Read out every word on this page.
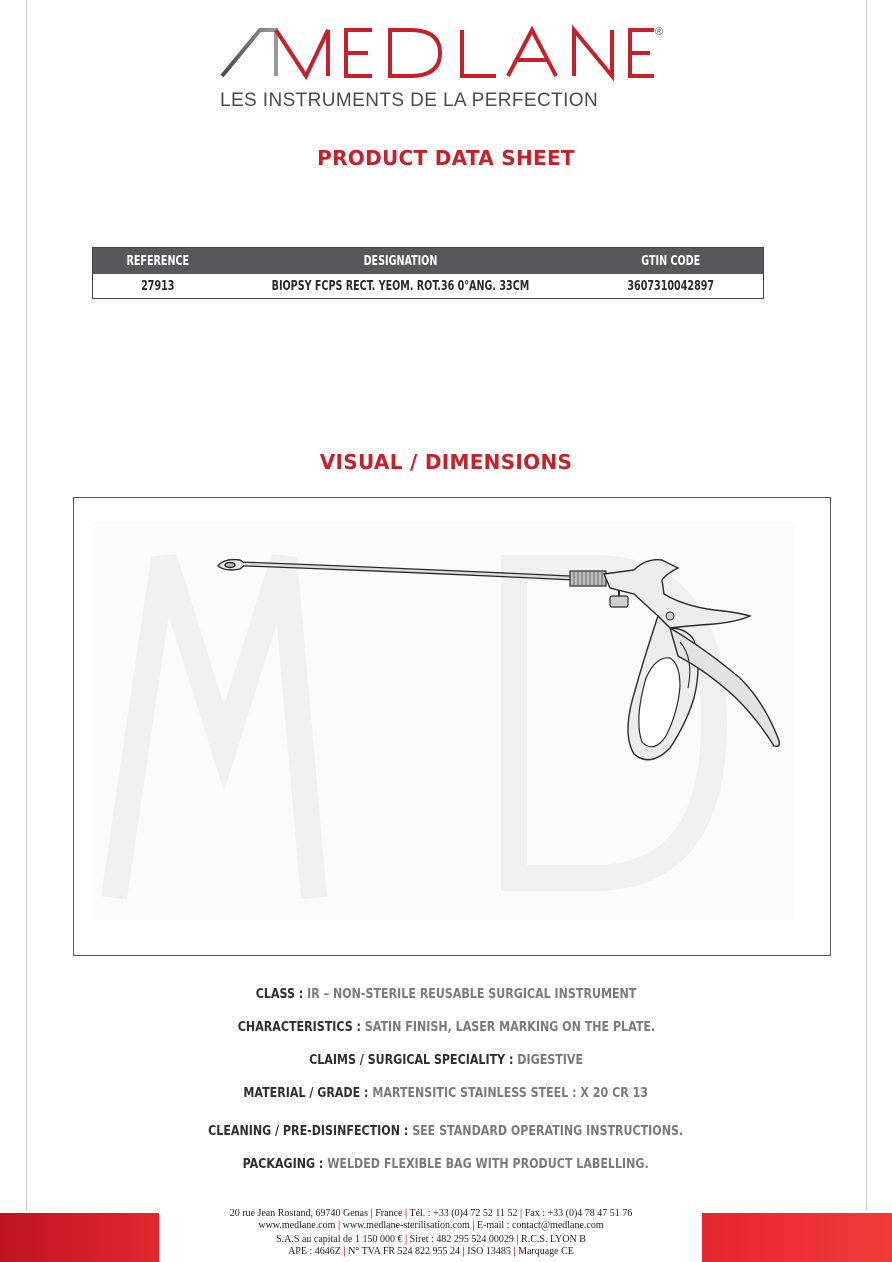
®
LES INSTRUMENTS DE LA PERFECTION
PRODUCT DATA SHEET
REFERENCE	DESIGNATION	GTIN CODE
27913	BIOPSY FCPS RECT. YEOM. ROT.36 0°ANG. 33CM	3607310042897
VISUAL / DIMENSIONS
CLASS : IR – NON-STERILE REUSABLE SURGICAL INSTRUMENT
CHARACTERISTICS : SATIN FINISH, LASER MARKING ON THE PLATE.
CLAIMS / SURGICAL SPECIALITY : DIGESTIVE
MATERIAL / GRADE : MARTENSITIC STAINLESS STEEL : X 20 CR 13
CLEANING / PRE-DISINFECTION : SEE STANDARD OPERATING INSTRUCTIONS.
PACKAGING : WELDED FLEXIBLE BAG WITH PRODUCT LABELLING.
20 rue Jean Rostand, 69740 Genas | France | Tél. : +33 (0)4 72 52 11 52 | Fax : +33 (0)4 78 47 51 76
www.medlane.com | www.medlane-sterilisation.com | E-mail : contact@medlane.com
S.A.S au capital de 1 150 000 € | Siret : 482 295 524 00029 | R.C.S. LYON B
APE : 4646Z | N° TVA FR 524 822 955 24 | ISO 13485 | Marquage CE
